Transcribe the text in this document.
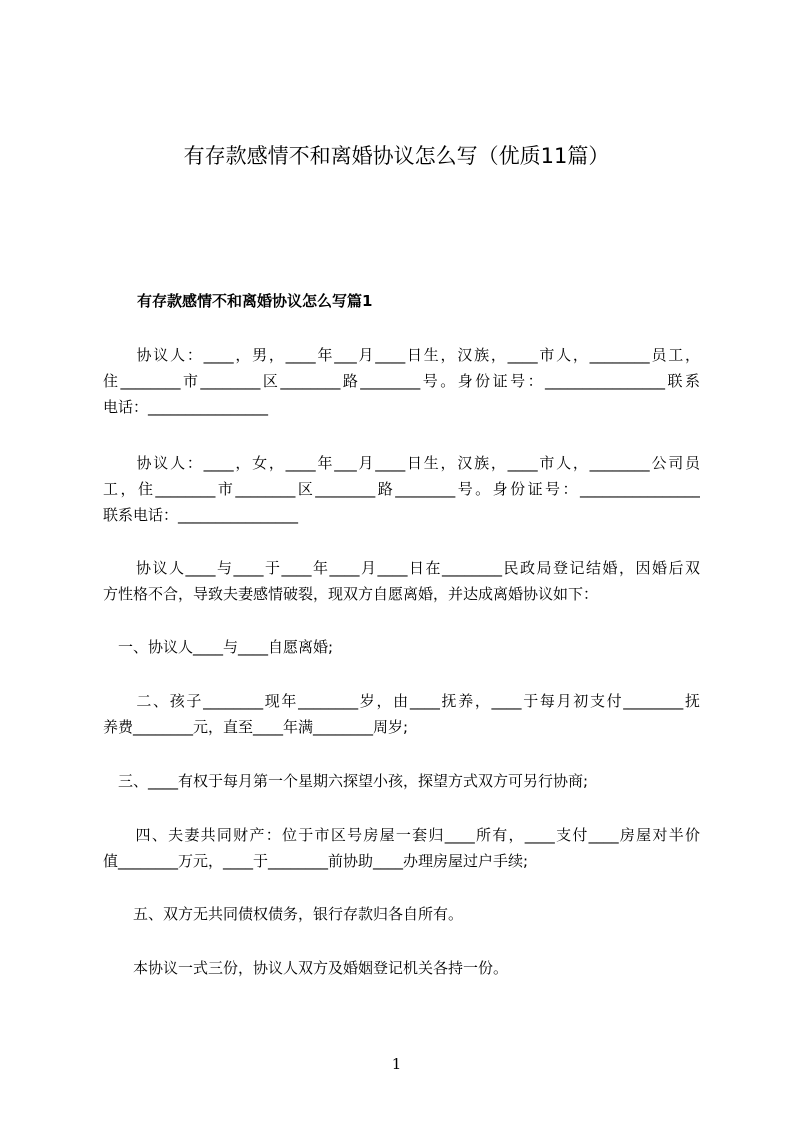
有存款感情不和离婚协议怎么写（优质11篇）
有存款感情不和离婚协议怎么写篇1

　　协议人：____，男，____年___月____日生，汉族，____市人，________员工，
住________市________区________路________号。身份证号：________________联系
电话：________________

　　协议人：____，女，____年___月____日生，汉族，____市人，________公司员
工，住________市________区________路________号。身份证号：________________
联系电话：________________

　　协议人____与____于____年____月____日在________民政局登记结婚，因婚后双
方性格不合，导致夫妻感情破裂，现双方自愿离婚，并达成离婚协议如下：

　一、协议人____与____自愿离婚;

　　二、孩子________现年________岁，由____抚养，____于每月初支付________抚
养费________元，直至____年满________周岁;

　三、____有权于每月第一个星期六探望小孩，探望方式双方可另行协商;

　　四、夫妻共同财产：位于市区号房屋一套归____所有，____支付____房屋对半价
值________万元，____于________前协助____办理房屋过户手续;

　　五、双方无共同债权债务，银行存款归各自所有。

　　本协议一式三份，协议人双方及婚姻登记机关各持一份。

1
